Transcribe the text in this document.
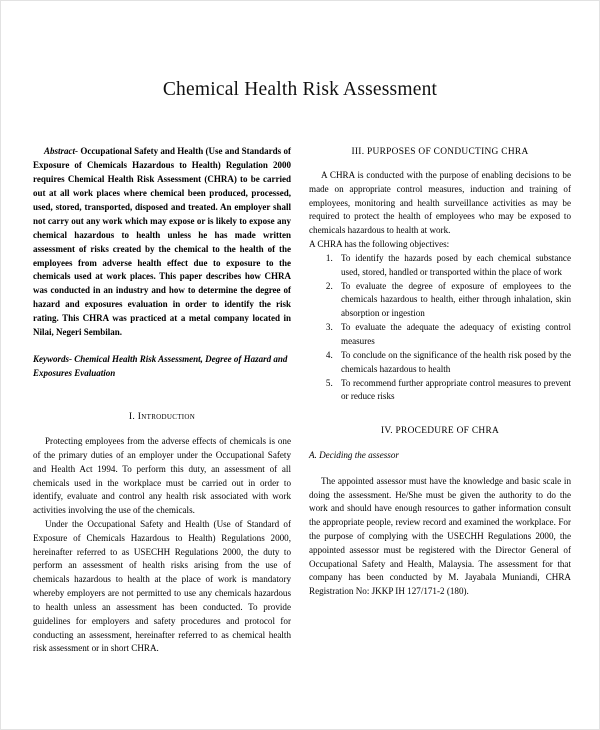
Chemical Health Risk Assessment

Abstract- Occupational Safety and Health (Use and Standards of Exposure of Chemicals Hazardous to Health) Regulation 2000 requires Chemical Health Risk Assessment (CHRA) to be carried out at all work places where chemical been produced, processed, used, stored, transported, disposed and treated. An employer shall not carry out any work which may expose or is likely to expose any chemical hazardous to health unless he has made written assessment of risks created by the chemical to the health of the employees from adverse health effect due to exposure to the chemicals used at work places. This paper describes how CHRA was conducted in an industry and how to determine the degree of hazard and exposures evaluation in order to identify the risk rating. This CHRA was practiced at a metal company located in Nilai, Negeri Sembilan.

Keywords- Chemical Health Risk Assessment, Degree of Hazard and Exposures Evaluation

I. Introduction

Protecting employees from the adverse effects of chemicals is one of the primary duties of an employer under the Occupational Safety and Health Act 1994. To perform this duty, an assessment of all chemicals used in the workplace must be carried out in order to identify, evaluate and control any health risk associated with work activities involving the use of the chemicals.

Under the Occupational Safety and Health (Use of Standard of Exposure of Chemicals Hazardous to Health) Regulations 2000, hereinafter referred to as USECHH Regulations 2000, the duty to perform an assessment of health risks arising from the use of chemicals hazardous to health at the place of work is mandatory whereby employers are not permitted to use any chemicals hazardous to health unless an assessment has been conducted. To provide guidelines for employers and safety procedures and protocol for conducting an assessment, hereinafter referred to as chemical health risk assessment or in short CHRA.

III. PURPOSES OF CONDUCTING CHRA

A CHRA is conducted with the purpose of enabling decisions to be made on appropriate control measures, induction and training of employees, monitoring and health surveillance activities as may be required to protect the health of employees who may be exposed to chemicals hazardous to health at work.

A CHRA has the following objectives:

1. To identify the hazards posed by each chemical substance used, stored, handled or transported within the place of work
2. To evaluate the degree of exposure of employees to the chemicals hazardous to health, either through inhalation, skin absorption or ingestion
3. To evaluate the adequate the adequacy of existing control measures
4. To conclude on the significance of the health risk posed by the chemicals hazardous to health
5. To recommend further appropriate control measures to prevent or reduce risks
IV. PROCEDURE OF CHRA

A. Deciding the assessor

The appointed assessor must have the knowledge and basic scale in doing the assessment. He/She must be given the authority to do the work and should have enough resources to gather information consult the appropriate people, review record and examined the workplace. For the purpose of complying with the USECHH Regulations 2000, the appointed assessor must be registered with the Director General of Occupational Safety and Health, Malaysia. The assessment for that company has been conducted by M. Jayabala Muniandi, CHRA Registration No: JKKP IH 127/171-2 (180).
